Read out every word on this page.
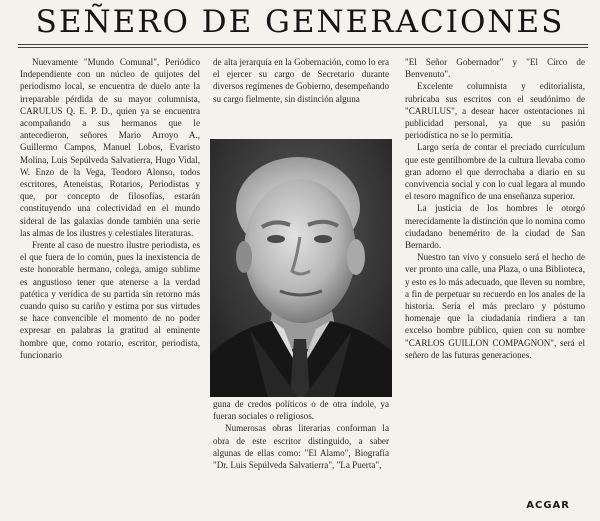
SEÑERO DE GENERACIONES

Nuevamente "Mundo Comunal", Periódico Independiente con un núcleo de quijotes del periodismo local, se encuentra de duelo ante la irreparable pérdida de su mayor columnista, CARULUS Q. E. P. D., quien ya se encuentra acompañando a sus hermanos que le antecedieron, señores Mario Arroyo A., Guillermo Campos, Manuel Lobos, Evaristo Molina, Luis Sepúlveda Salvatierra, Hugo Vidal, W. Enzo de la Vega, Teodoro Alonso, todos escritores, Ateneístas, Rotarios, Periodistas y que, por concepto de filosofías, estarán constituyendo una colectividad en el mundo sideral de las galaxias donde también una serie las almas de los ilustres y celestiales literaturas.

Frente al caso de nuestro ilustre periodista, es el que fuera de lo común, pues la inexistencia de este honorable hermano, colega, amigo sublime es angustioso tener que atenerse a la verdad patética y verídica de su partida sin retorno más cuando quiso su cariño y estima por sus virtudes se hace convencible el momento de no poder expresar en palabras la gratitud al eminente hombre que, como rotario, escritor, periodista, funcionario

de alta jerarquía en la Gobernación, como lo era el ejercer su cargo de Secretario durante diversos regímenes de Gobierno, desempeñando su cargo fielmente, sin distinción alguna

guna de credos políticos o de otra índole, ya fueran sociales o religiosos.

Numerosas obras literarias conforman la obra de este escritor distinguido, a saber algunas de ellas como: "El Alamo", Biografía "Dr. Luis Sepúlveda Salvatierra", "La Puerta",

"El Señor Gobernador" y "El Circo de Benvenuto".

Excelente columnista y editorialista, rubricaba sus escritos con el seudónimo de "CARULUS", a desear hacer ostentaciones ni publicidad personal, ya que su pasión periodística no se lo permitía.

Largo sería de contar el preciado currículum que este gentilhombre de la cultura llevaba como gran adorno el que derrochaba a diario en su convivencia social y con lo cual legara al mundo el tesoro magnífico de una enseñanza superior.

La justicia de los hombres le otorgó merecidamente la distinción que lo nomina como ciudadano benemérito de la ciudad de San Bernardo.

Nuestro tan vivo y consuelo será el hecho de ver pronto una calle, una Plaza, o una Biblioteca, y esto es lo más adecuado, que lleven su nombre, a fin de perpetuar su recuerdo en los anales de la historia. Sería el más preclaro y póstumo homenaje que la ciudadanía rindiera a tan excelso hombre público, quien con su nombre "CARLOS GUILLON COMPAGNON", será el señero de las futuras generaciones.

ACGAR
